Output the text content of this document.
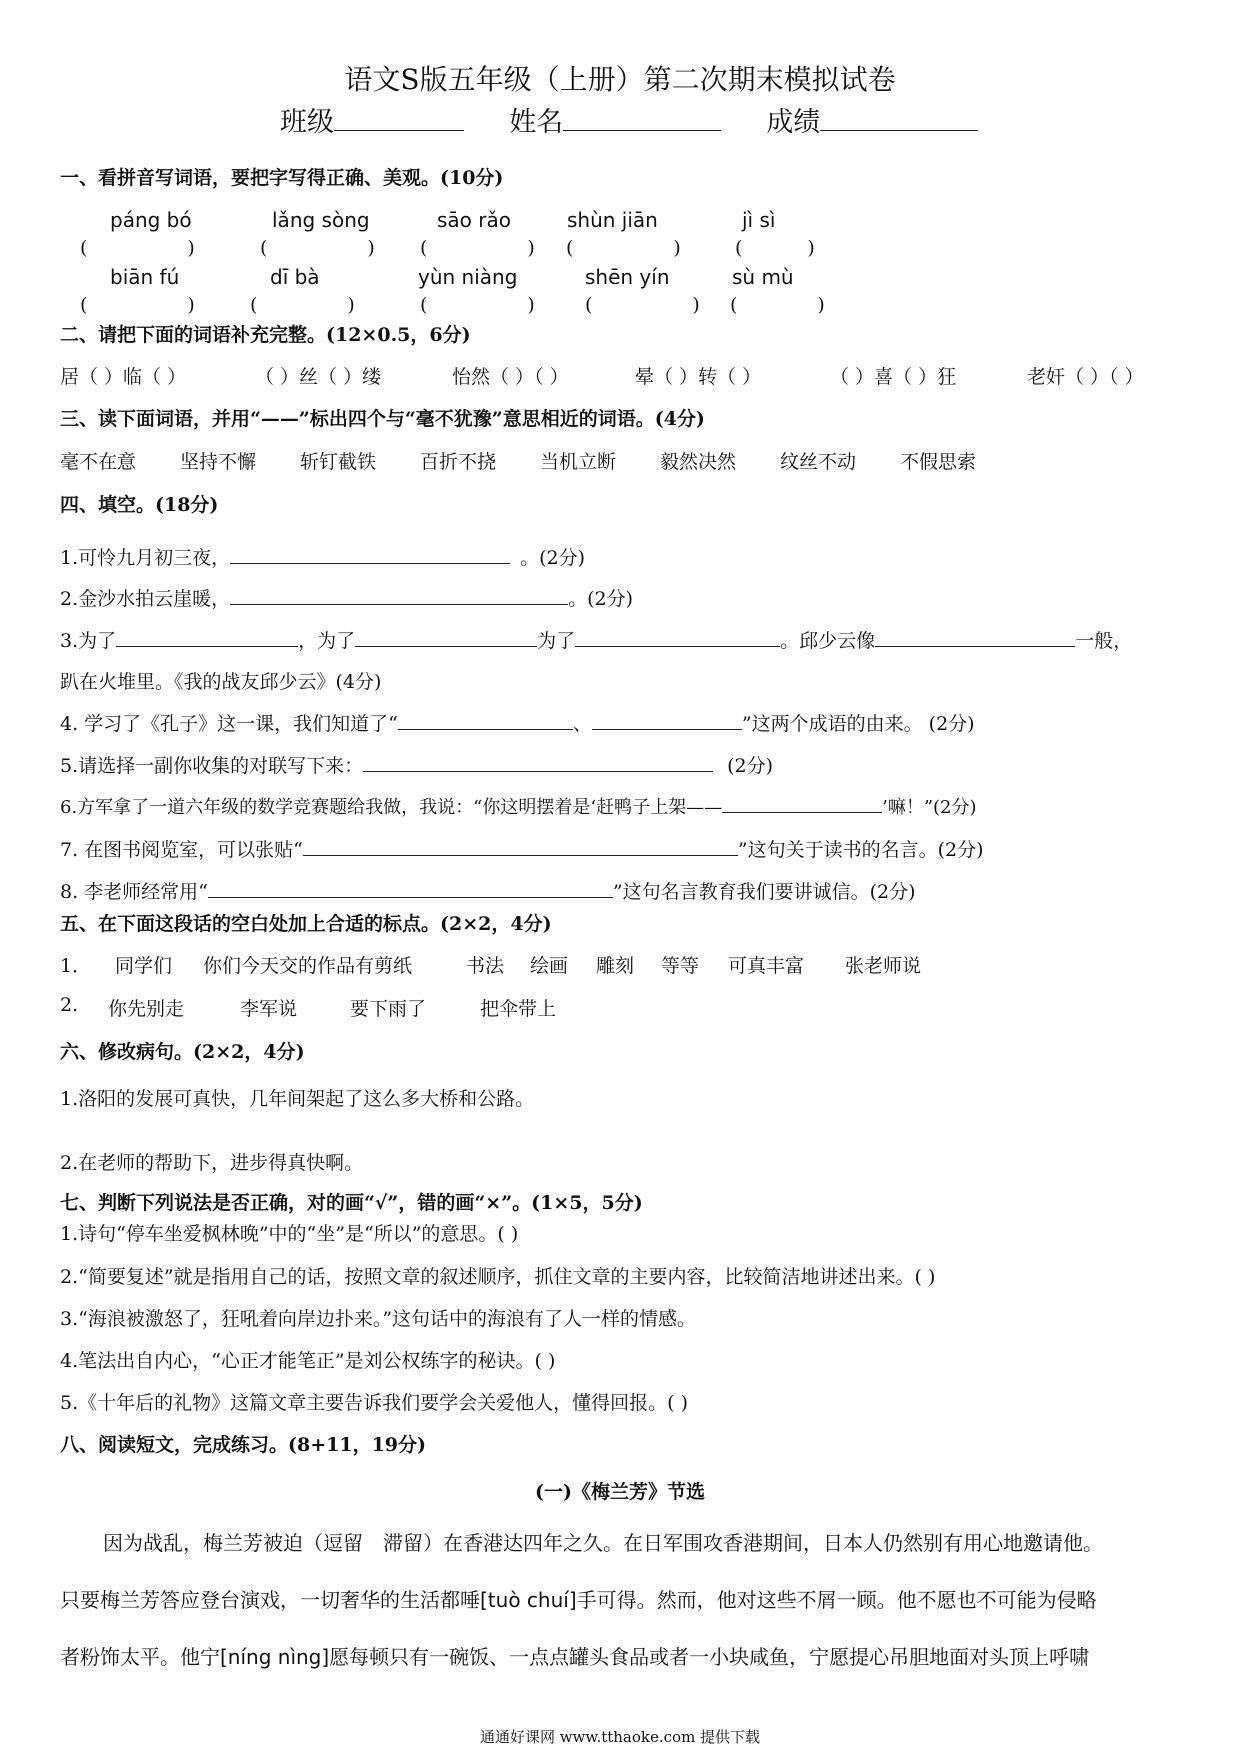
语文S版五年级（上册）第二次期末模拟试卷
班级	姓名	成绩
一、看拼音写词语，要把字写得正确、美观。(10分)
páng bó	lǎng sòng	sāo rǎo	shùn jiān	jì sì
(	)	(	) (	) (	)	(	)
biān fú	dī bà	yùn niàng	shēn yín	sù mù
(	)	(	)	(	)	(	) (	)
二、请把下面的词语补充完整。(12×0.5，6分)
居（ ）临（ ）	（ ）丝（ ）缕	怡然（ ）（ ）	晕（ ）转（ ）	（ ）喜（ ）狂	老奸（ ）（ ）
三、读下面词语，并用“——”标出四个与“毫不犹豫”意思相近的词语。(4分)
毫不在意 坚持不懈 斩钉截铁 百折不挠 当机立断 毅然决然 纹丝不动 不假思索
四、填空。(18分)
1.可怜九月初三夜，	。(2分)
2.金沙水拍云崖暖，	。(2分)
3.为了	，为了	为了	。邱少云像	一般，
趴在火堆里。《我的战友邱少云》(4分)
4. 学习了《孔子》这一课，我们知道了“	、	”这两个成语的由来。 (2分)
5.请选择一副你收集的对联写下来：	(2分)
6.方军拿了一道六年级的数学竞赛题给我做，我说：“你这明摆着是‘赶鸭子上架——	’嘛！”(2分)
7. 在图书阅览室，可以张贴“	”这句关于读书的名言。(2分)
8. 李老师经常用“	”这句名言教育我们要讲诚信。(2分)
五、在下面这段话的空白处加上合适的标点。(2×2，4分)
1． 同学们 你们今天交的作品有剪纸	书法 绘画 雕刻 等等 可真丰富 张老师说
2. 你先别走	李军说	要下雨了	把伞带上
六、修改病句。(2×2，4分)
1.洛阳的发展可真快，几年间架起了这么多大桥和公路。
2.在老师的帮助下，进步得真快啊。
七、判断下列说法是否正确，对的画“√”，错的画“×”。(1×5，5分)
1.诗句“停车坐爱枫林晚”中的“坐”是“所以”的意思。( )
2.“简要复述”就是指用自己的话，按照文章的叙述顺序，抓住文章的主要内容，比较简洁地讲述出来。( )
3.“海浪被激怒了，狂吼着向岸边扑来。”这句话中的海浪有了人一样的情感。
4.笔法出自内心，“心正才能笔正”是刘公权练字的秘诀。( )
5.《十年后的礼物》这篇文章主要告诉我们要学会关爱他人，懂得回报。( )
八、阅读短文，完成练习。(8+11，19分)
(一)《梅兰芳》节选
因为战乱，梅兰芳被迫（逗留　滞留）在香港达四年之久。在日军围攻香港期间，日本人仍然别有用心地邀请他。
只要梅兰芳答应登台演戏，一切奢华的生活都唾[tuò chuí]手可得。然而，他对这些不屑一顾。他不愿也不可能为侵略
者粉饰太平。他宁[níng nìng]愿每顿只有一碗饭、一点点罐头食品或者一小块咸鱼，宁愿提心吊胆地面对头顶上呼啸
通通好课网 www.tthaoke.com 提供下载
